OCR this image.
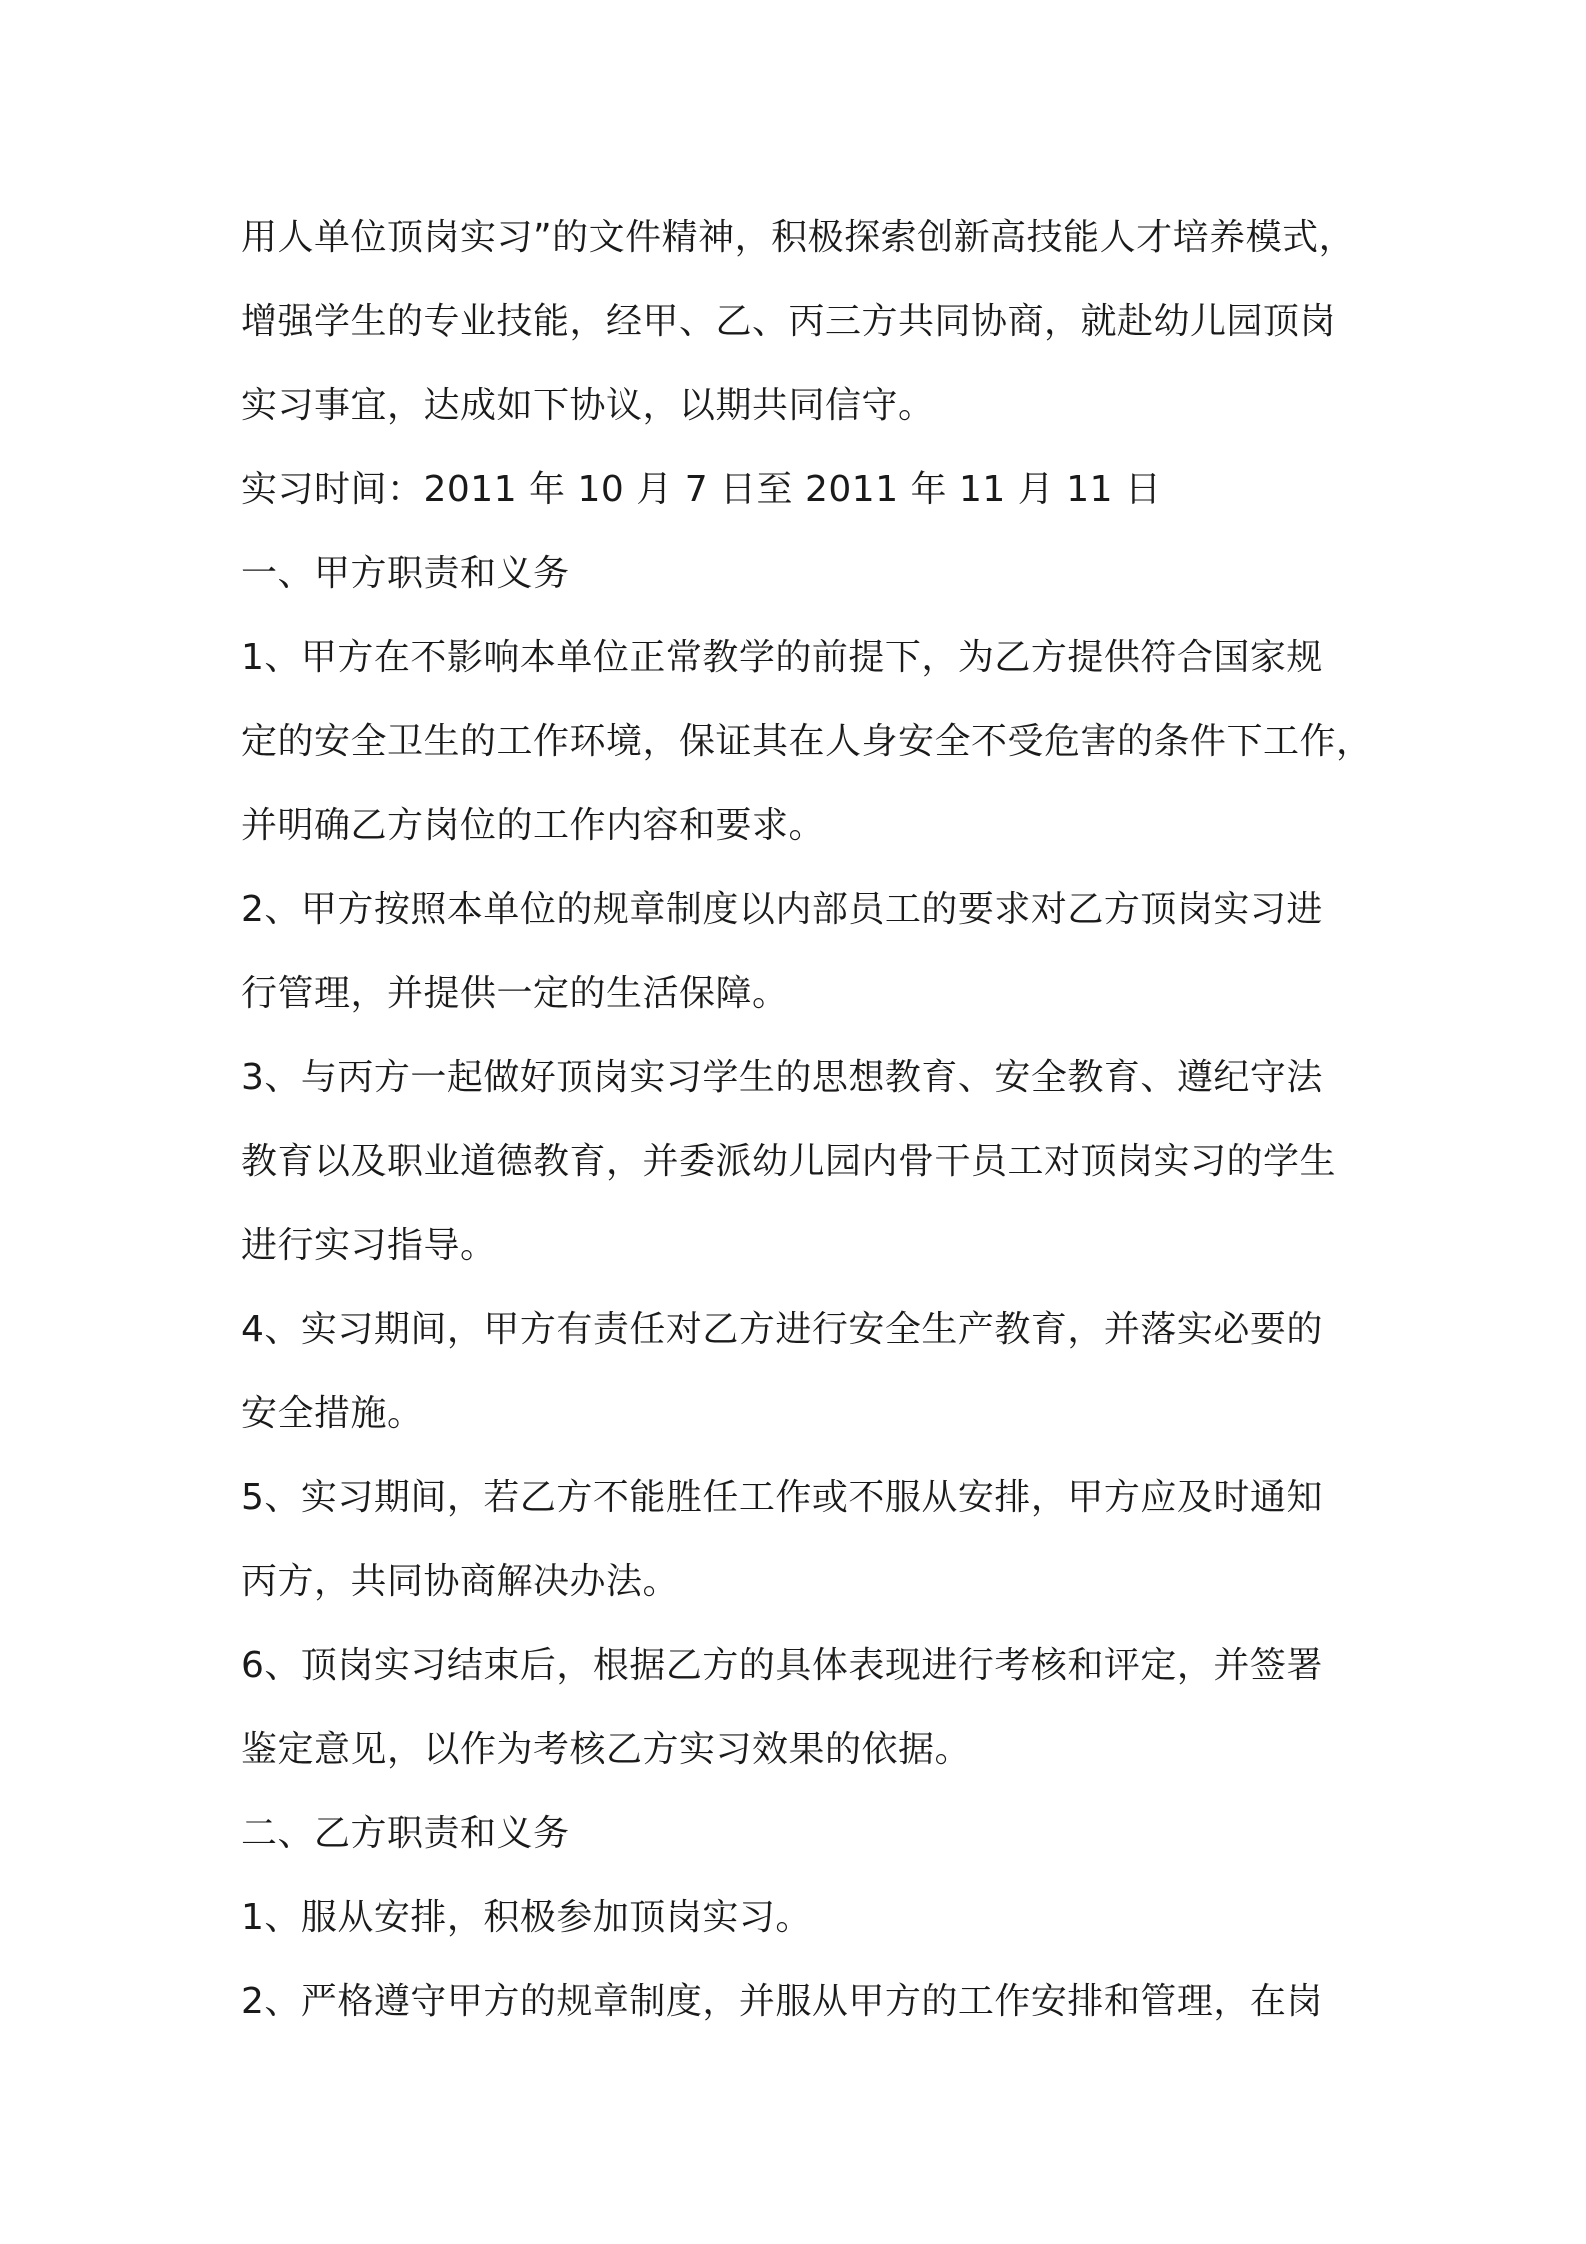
用人单位顶岗实习”的文件精神，积极探索创新高技能人才培养模式，
增强学生的专业技能，经甲、乙、丙三方共同协商，就赴幼儿园顶岗
实习事宜，达成如下协议，以期共同信守。
实习时间：2011 年 10 月 7 日至 2011 年 11 月 11 日
一、甲方职责和义务
1、甲方在不影响本单位正常教学的前提下，为乙方提供符合国家规
定的安全卫生的工作环境，保证其在人身安全不受危害的条件下工作，
并明确乙方岗位的工作内容和要求。
2、甲方按照本单位的规章制度以内部员工的要求对乙方顶岗实习进
行管理，并提供一定的生活保障。
3、与丙方一起做好顶岗实习学生的思想教育、安全教育、遵纪守法
教育以及职业道德教育，并委派幼儿园内骨干员工对顶岗实习的学生
进行实习指导。
4、实习期间，甲方有责任对乙方进行安全生产教育，并落实必要的
安全措施。
5、实习期间，若乙方不能胜任工作或不服从安排，甲方应及时通知
丙方，共同协商解决办法。
6、顶岗实习结束后，根据乙方的具体表现进行考核和评定，并签署
鉴定意见，以作为考核乙方实习效果的依据。
二、乙方职责和义务
1、服从安排，积极参加顶岗实习。
2、严格遵守甲方的规章制度，并服从甲方的工作安排和管理，在岗
